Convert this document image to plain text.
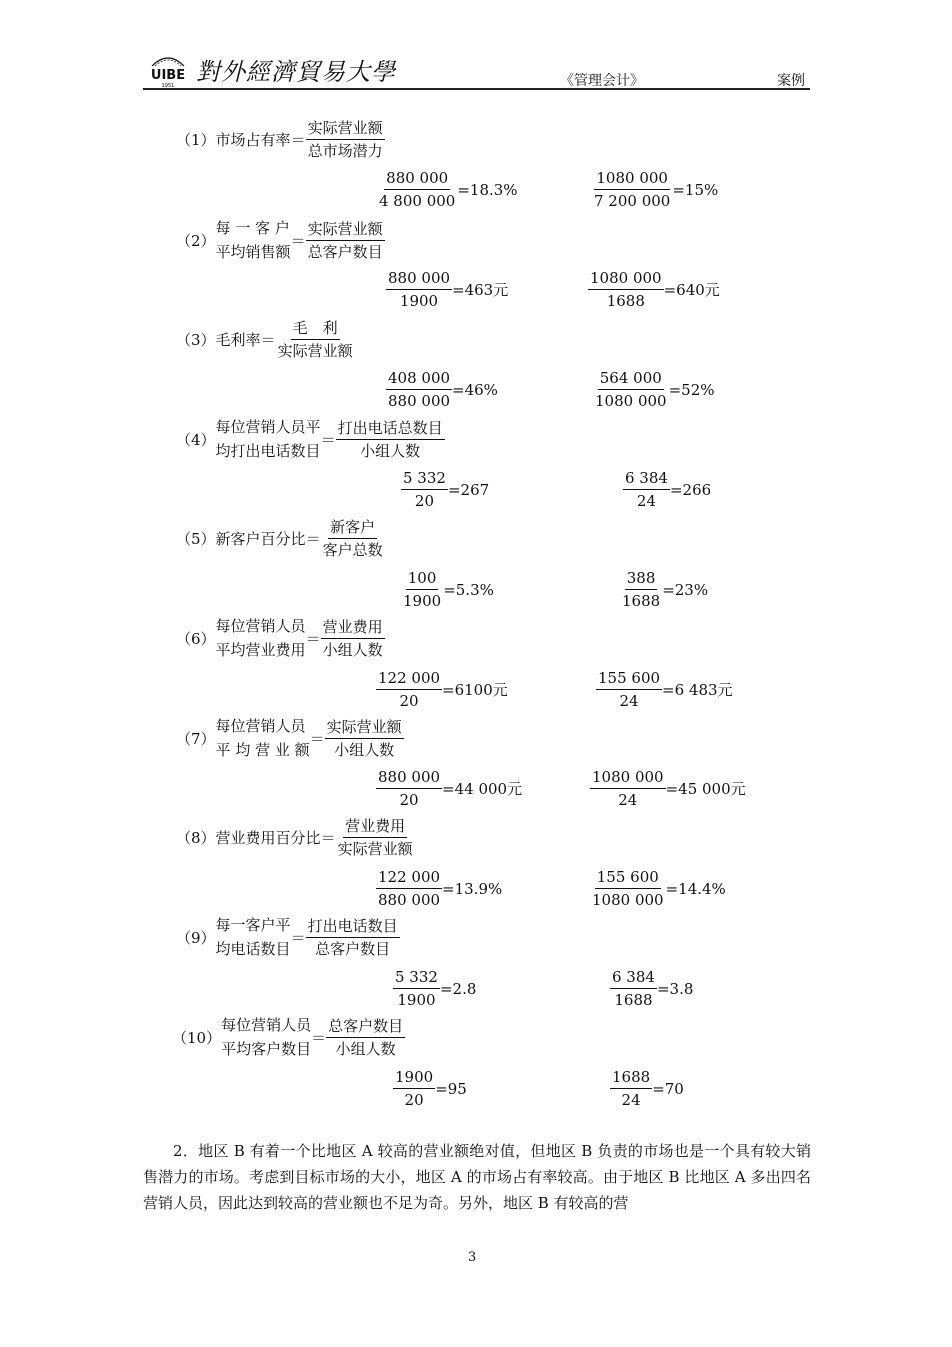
UIBE
1951 對外經濟貿易大學	《管理会计》	案例
（1） 市场占有率 ＝ $\frac{\text{实际营业额}}{\text{总市场潜力}}$
$\frac{880 000}{4 800 000} =18.3\%$	$\frac{1080 000}{7 200 000} =15\%$
（2）
每 一 客 户
平均销售额
＝ $\frac{\text{实际营业额}}{\text{总客户数目}}$
$\frac{880 000}{1900} =463$元	$\frac{1080 000}{1688} =640$元
（3） 毛利率 ＝ $\frac{\text{毛　利}}{\text{实际营业额}}$
$\frac{408 000}{880 000} =46\%$	$\frac{564 000}{1080 000} =52\%$
（4）
每位营销人员平
均打出电话数目
＝ $\frac{\text{打出电话总数目}}{\text{小组人数}}$
$\frac{5 332}{20} =267$	$\frac{6 384}{24} =266$
（5） 新客户百分比 ＝ $\frac{\text{新客户}}{\text{客户总数}}$
$\frac{100}{1900} =5.3\%$	$\frac{388}{1688} =23\%$
（6）
每位营销人员
平均营业费用
＝ $\frac{\text{营业费用}}{\text{小组人数}}$
$\frac{122 000}{20} =6100$元	$\frac{155 600}{24} =6$ 483元
（7）
每位营销人员
平 均 营 业 额
＝ $\frac{\text{实际营业额}}{\text{小组人数}}$
$\frac{880 000}{20} =44$ 000元	$\frac{1080 000}{24} =45$ 000元
（8） 营业费用百分比 ＝ $\frac{\text{营业费用}}{\text{实际营业额}}$
$\frac{122 000}{880 000} =13.9\%$	$\frac{155 600}{1080 000} =14.4\%$
（9）
每一客户平
均电话数目
＝ $\frac{\text{打出电话数目}}{\text{总客户数目}}$
$\frac{5 332}{1900} =2.8$	$\frac{6 384}{1688} =3.8$
（10）
每位营销人员
平均客户数目
＝ $\frac{\text{总客户数目}}{\text{小组人数}}$
$\frac{1900}{20} =95$	$\frac{1688}{24} =70$

2．地区 B 有着一个比地区 A 较高的营业额绝对值，但地区 B 负责的市场也是一个具有较大销售潜力的市场。考虑到目标市场的大小，地区 A 的市场占有率较高。由于地区 B 比地区 A 多出四名营销人员，因此达到较高的营业额也不足为奇。另外，地区 B 有较高的营

3
